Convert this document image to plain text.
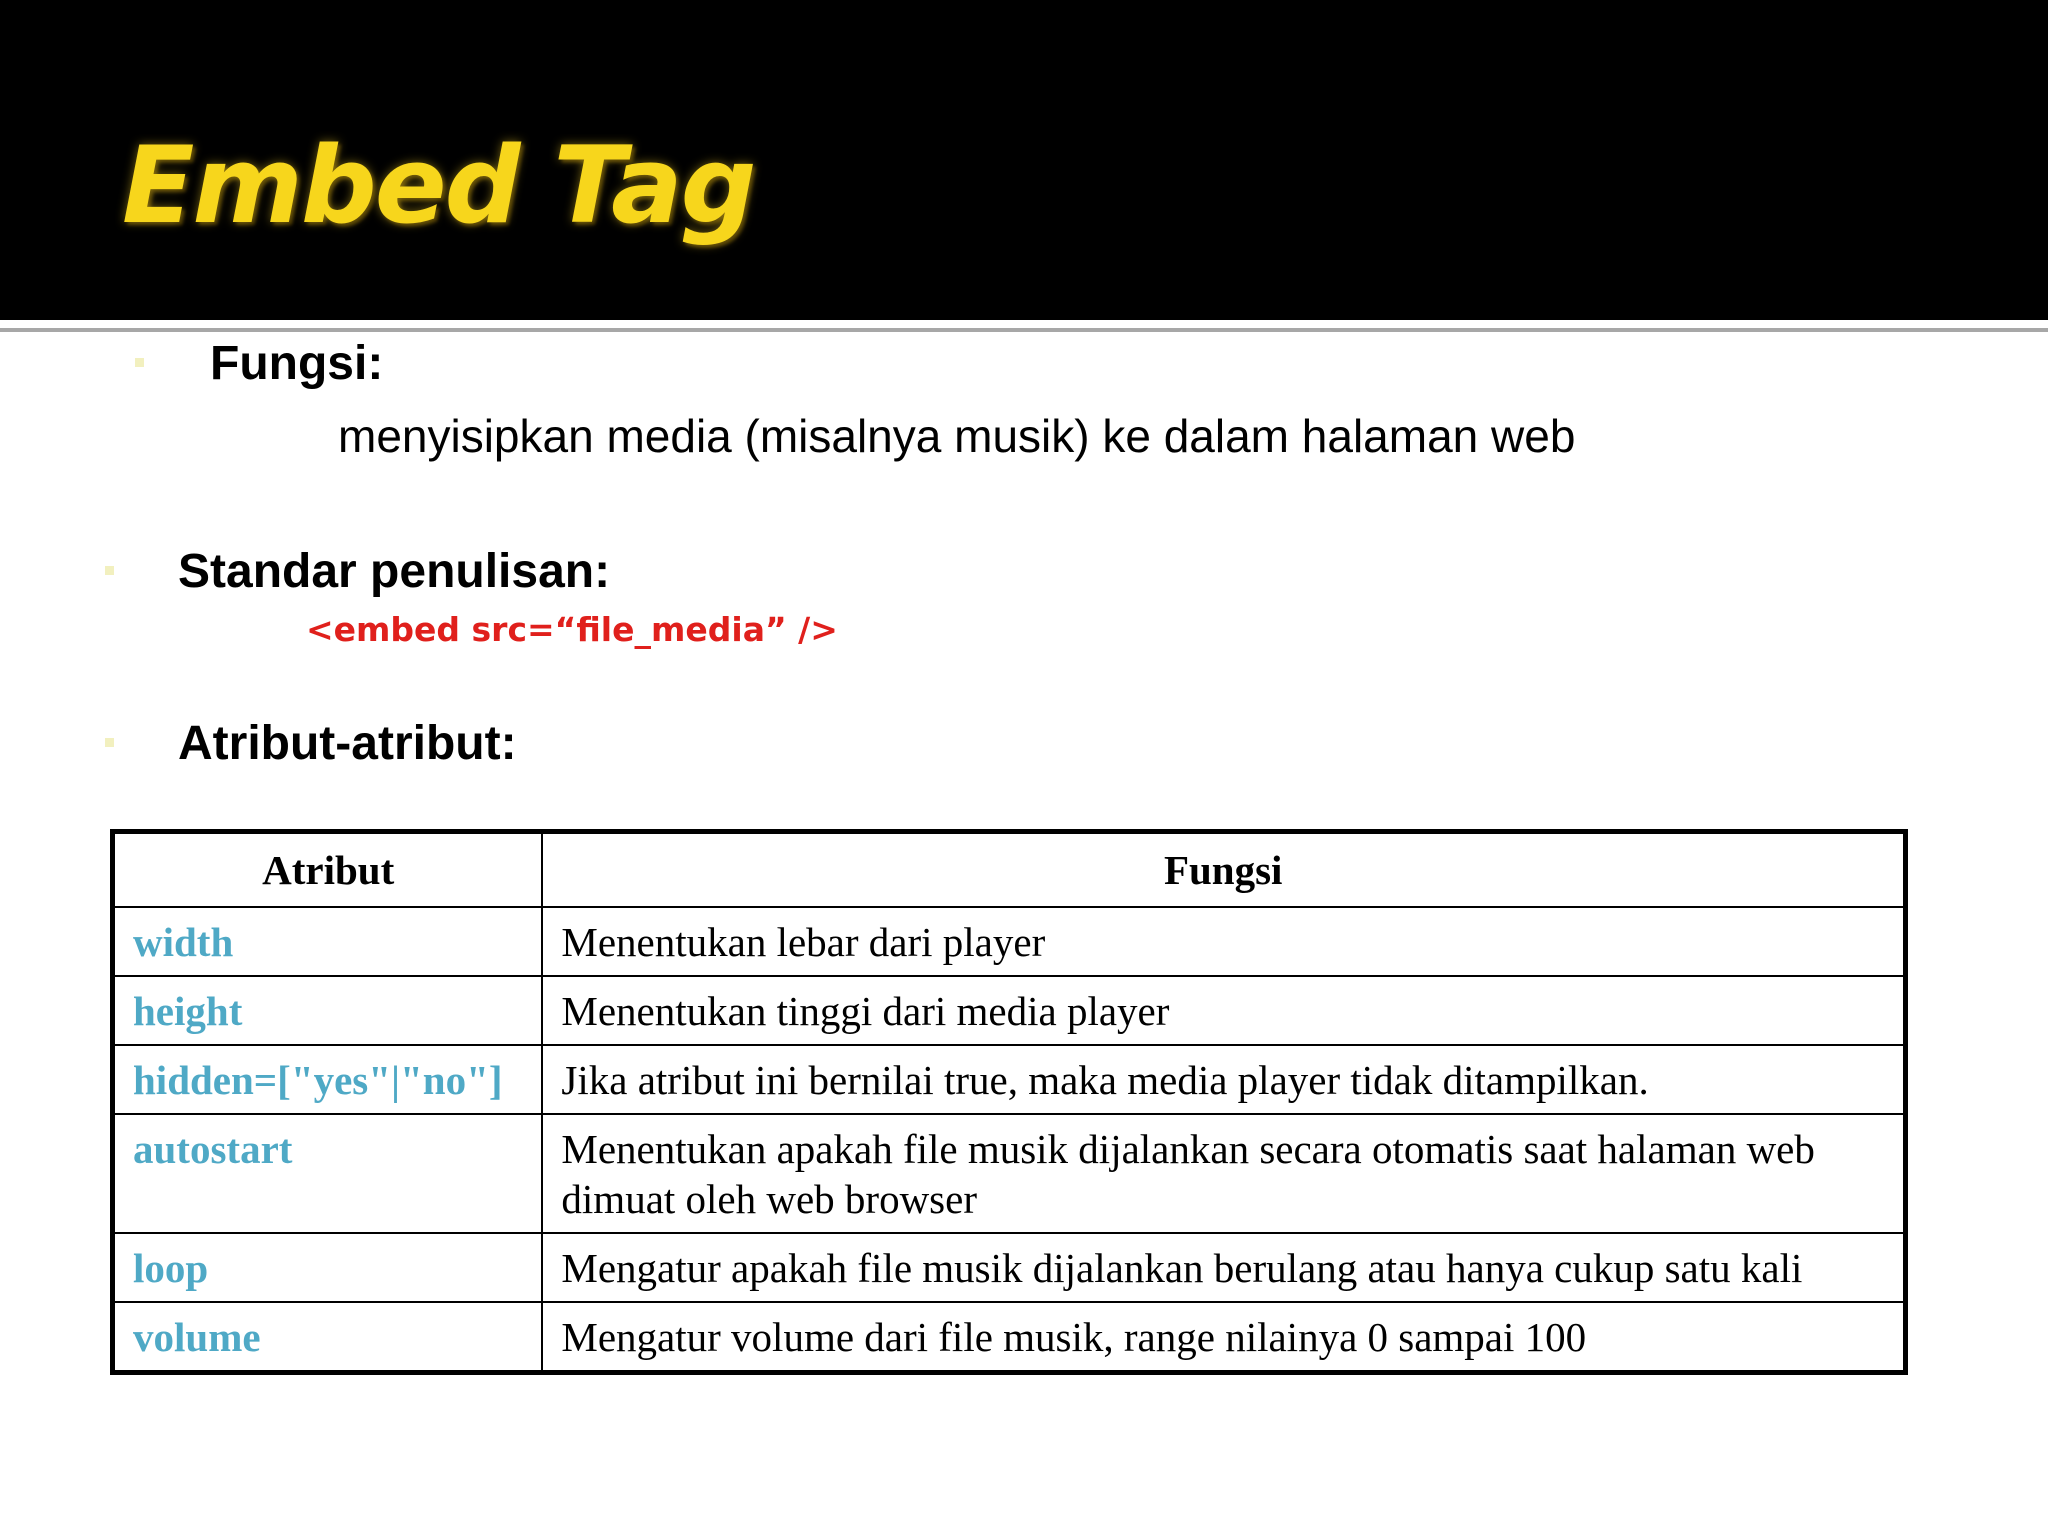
Embed Tag
Fungsi:
menyisipkan media (misalnya musik) ke dalam halaman web
Standar penulisan:
<embed src=“file_media” />
Atribut-atribut:
Atribut	Fungsi
width	Menentukan lebar dari player
height	Menentukan tinggi dari media player
hidden=["yes"|"no"]	Jika atribut ini bernilai true, maka media player tidak ditampilkan.
autostart	Menentukan apakah file musik dijalankan secara otomatis saat halaman web dimuat oleh web browser
loop	Mengatur apakah file musik dijalankan berulang atau hanya cukup satu kali
volume	Mengatur volume dari file musik, range nilainya 0 sampai 100
